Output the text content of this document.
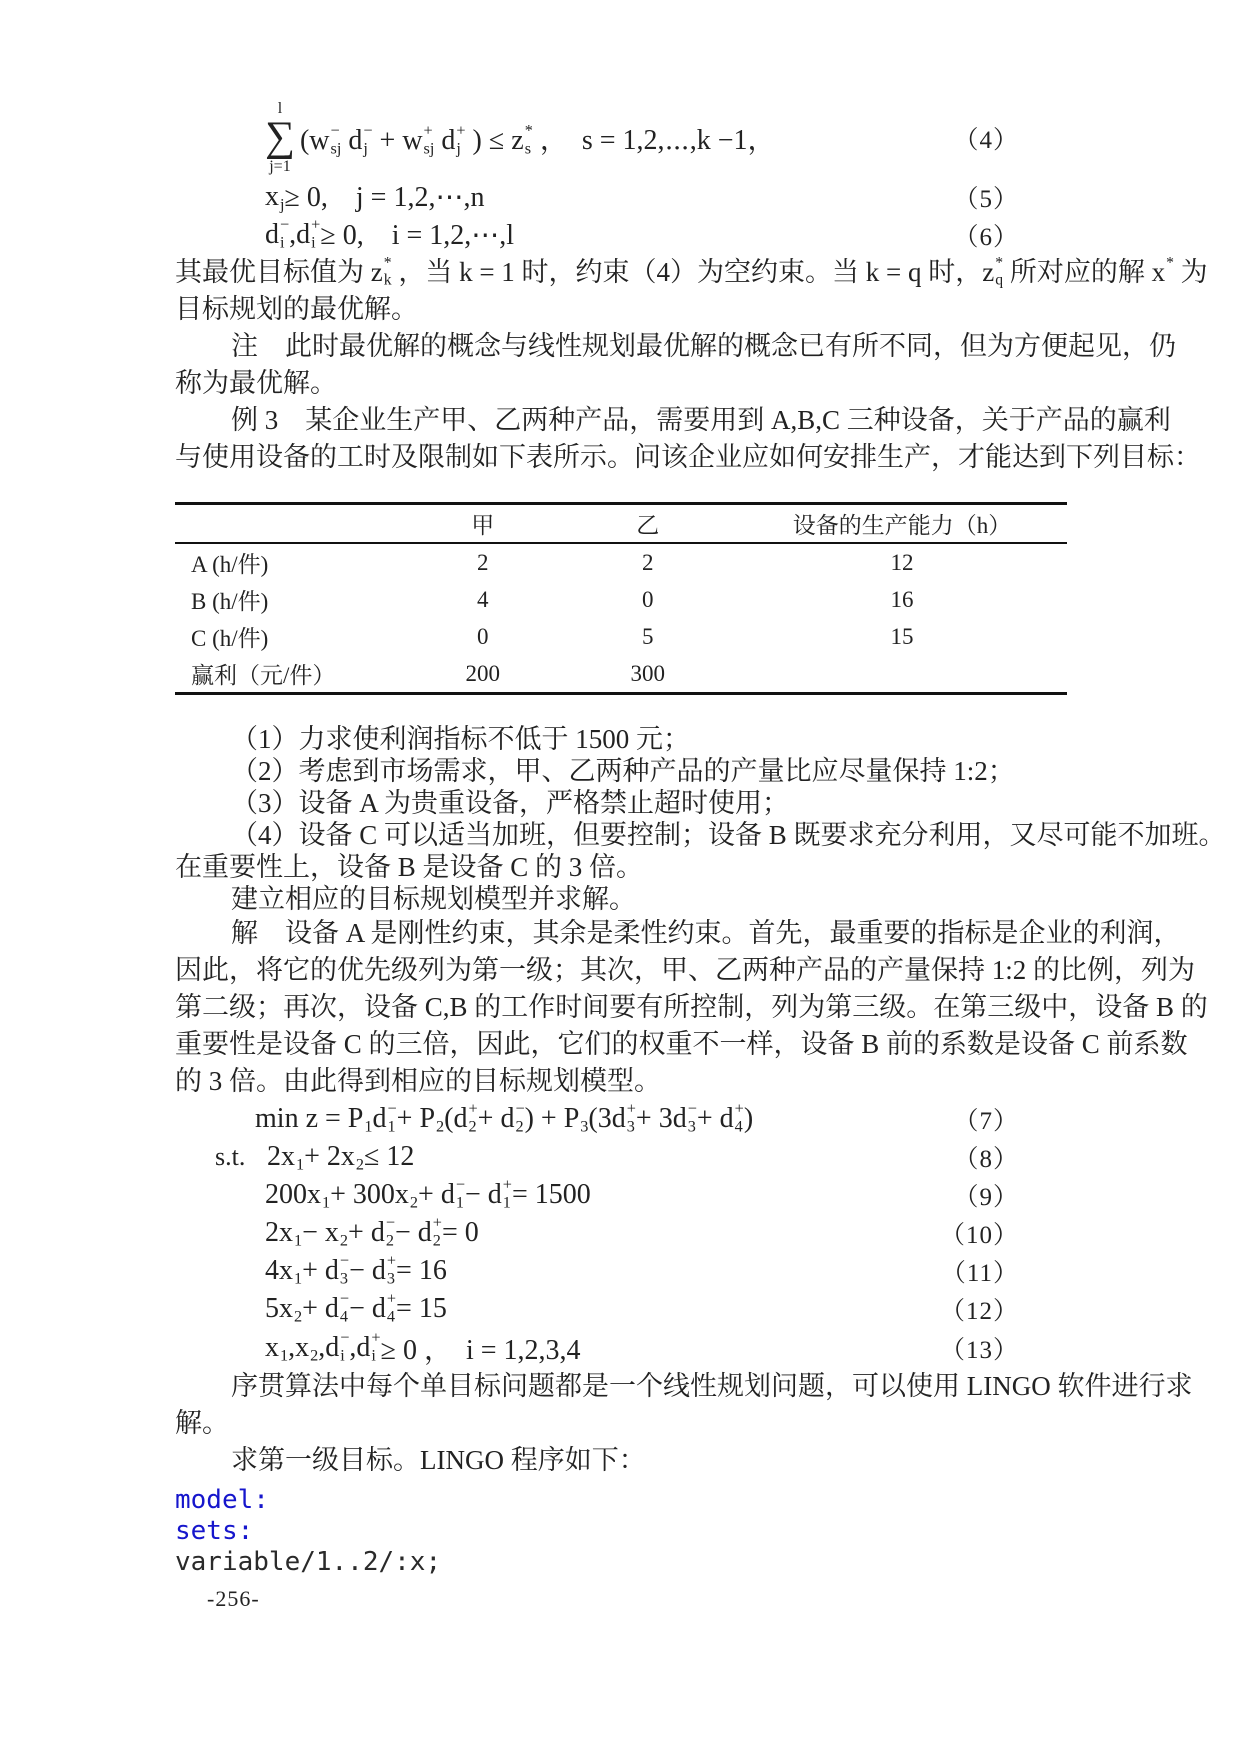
l
∑
j=1
( w −
sj
d −
j + w +
sj
d +
j ) ≤ z *
s ， s = 1,2,⋯,k −1，	（4）
x
j ≥ 0, j = 1,2,⋯,n	（5）
d −
i , d +
i ≥ 0, i = 1,2,⋯,l	（6）

其最优目标值为 z *
k ，当 k = 1 时，约束（4）为空约束。当 k = q 时， z *
q 所对应的解 x *
为

目标规划的最优解。

注　此时最优解的概念与线性规划最优解的概念已有所不同，但为方便起见，仍

称为最优解。

例 3　某企业生产甲、乙两种产品，需要用到 A,B,C 三种设备，关于产品的赢利

与使用设备的工时及限制如下表所示。问该企业应如何安排生产，才能达到下列目标：

	甲	乙	设备的生产能力（h）
A (h/件)	2	2	12
B (h/件)	4	0	16
C (h/件)	0	5	15
赢利（元/件）	200	300	

（1）力求使利润指标不低于 1500 元；

（2）考虑到市场需求，甲、乙两种产品的产量比应尽量保持 1:2；

（3）设备 A 为贵重设备，严格禁止超时使用；

（4）设备 C 可以适当加班，但要控制；设备 B 既要求充分利用，又尽可能不加班。

在重要性上，设备 B 是设备 C 的 3 倍。

建立相应的目标规划模型并求解。

解　设备 A 是刚性约束，其余是柔性约束。首先，最重要的指标是企业的利润，

因此，将它的优先级列为第一级；其次，甲、乙两种产品的产量保持 1:2 的比例，列为

第二级；再次，设备 C,B 的工作时间要有所控制，列为第三级。在第三级中，设备 B 的

重要性是设备 C 的三倍，因此，它们的权重不一样，设备 B 前的系数是设备 C 前系数

的 3 倍。由此得到相应的目标规划模型。

min z = P
1 d −
1 + P
2 ( d +
2 + d −
2 ) + P
3 (3 d +
3 + 3 d −
3 + d +
4 )	（7）
s.t. 2 x
1 + 2 x
2 ≤ 12	（8）
200 x
1 + 300 x
2 + d −
1 − d +
1 = 1500	（9）
2 x
1 − x
2 + d −
2 − d +
2 = 0	（10）
4 x
1 + d −
3 − d +
3 = 16	（11）
5 x
2 + d −
4 − d +
4 = 15	（12）
x
1 , x
2 , d −
i , d +
i ≥ 0 ， i = 1,2,3,4	（13）

序贯算法中每个单目标问题都是一个线性规划问题，可以使用 LINGO 软件进行求

解。

求第一级目标。LINGO 程序如下：

model:
sets:
variable/1..2/:x;
-256-
